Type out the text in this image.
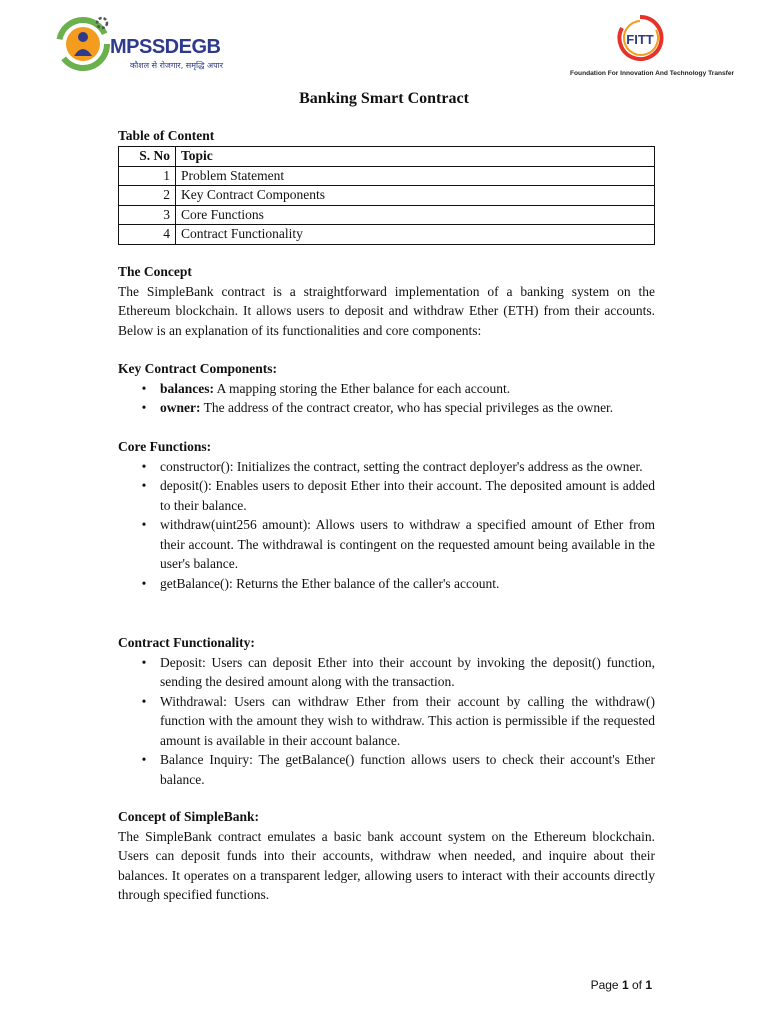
MPSSDEGB
कौशल से रोजगार, समृद्धि अपार
FITT
Foundation For Innovation And Technology Transfer
Banking Smart Contract
Table of Content
S. No	Topic
1	Problem Statement
2	Key Contract Components
3	Core Functions
4	Contract Functionality
The Concept

The SimpleBank contract is a straightforward implementation of a banking system on the Ethereum blockchain. It allows users to deposit and withdraw Ether (ETH) from their accounts. Below is an explanation of its functionalities and core components:

Key Contract Components:
• balances: A mapping storing the Ether balance for each account.
• owner: The address of the contract creator, who has special privileges as the owner.
Core Functions:
• constructor(): Initializes the contract, setting the contract deployer's address as the owner.
• deposit(): Enables users to deposit Ether into their account. The deposited amount is added to their balance.
• withdraw(uint256 amount): Allows users to withdraw a specified amount of Ether from their account. The withdrawal is contingent on the requested amount being available in the user's balance.
• getBalance(): Returns the Ether balance of the caller's account.
Contract Functionality:
• Deposit: Users can deposit Ether into their account by invoking the deposit() function, sending the desired amount along with the transaction.
• Withdrawal: Users can withdraw Ether from their account by calling the withdraw() function with the amount they wish to withdraw. This action is permissible if the requested amount is available in their account balance.
• Balance Inquiry: The getBalance() function allows users to check their account's Ether balance.
Concept of SimpleBank:

The SimpleBank contract emulates a basic bank account system on the Ethereum blockchain. Users can deposit funds into their accounts, withdraw when needed, and inquire about their balances. It operates on a transparent ledger, allowing users to interact with their accounts directly through specified functions.

Page 1 of 1
